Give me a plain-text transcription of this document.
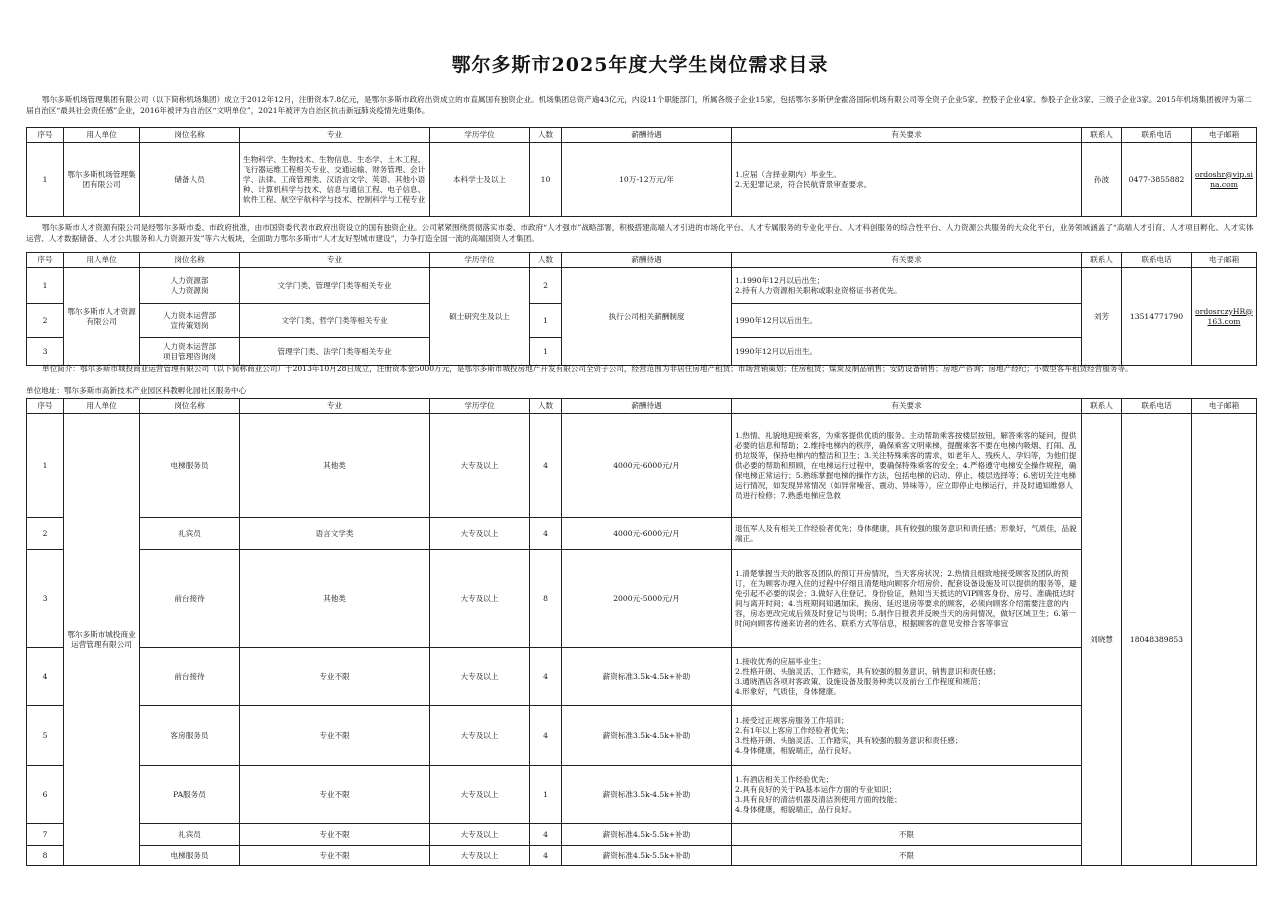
鄂尔多斯市2025年度大学生岗位需求目录
鄂尔多斯机场管理集团有限公司（以下简称机场集团）成立于2012年12月，注册资本7.8亿元，是鄂尔多斯市政府出资成立的市直属国有独资企业。机场集团总资产逾43亿元，内设11个职能部门，所属各级子企业15家，包括鄂尔多斯伊金霍洛国际机场有限公司等全资子企业5家、控股子企业4家、参股子企业3家、三级子企业3家。2015年机场集团被评为第二届自治区“最具社会责任感”企业，2016年被评为自治区“文明单位”，2021年被评为自治区抗击新冠肺炎疫情先进集体。
序号	用人单位	岗位名称	专业	学历学位	人数	薪酬待遇	有关要求	联系人	联系电话	电子邮箱
1	鄂尔多斯机场管理集团有限公司	储备人员	生物科学、生物技术、生物信息、生态学、土木工程、飞行器运维工程相关专业、交通运输、财务管理、会计学、法律、工商管理类、汉语言文学、英语、其他小语种、计算机科学与技术、信息与通信工程、电子信息、软件工程、航空宇航科学与技术、控制科学与工程专业	本科学士及以上	10	10万-12万元/年	1.应届（含择业期内）毕业生。
2.无犯罪记录，符合民航背景审查要求。	孙波	0477-3855882	ordoshr@vip.sina.com
鄂尔多斯市人才资源有限公司是经鄂尔多斯市委、市政府批准，由市国资委代表市政府出资设立的国有独资企业。公司紧紧围绕贯彻落实市委、市政府“人才强市”战略部署，积极搭建高端人才引进的市场化平台、人才专属服务的专业化平台、人才科创服务的综合性平台、人力资源公共服务的大众化平台，业务领域涵盖了“高端人才引育、人才项目孵化、人才实体运营、人才数据储备、人才公共服务和人力资源开发”等六大板块，全面助力鄂尔多斯市“人才友好型城市建设”，力争打造全国一流的高端国资人才集团。
序号	用人单位	岗位名称	专业	学历学位	人数	薪酬待遇	有关要求	联系人	联系电话	电子邮箱
1	鄂尔多斯市人才资源有限公司	人力资源部
人力资源岗	文学门类、管理学门类等相关专业	硕士研究生及以上	2	执行公司相关薪酬制度	1.1990年12月以后出生；
2.持有人力资源相关职称或职业资格证书者优先。	刘芳	13514771790	ordosrczyHR@163.com
2		人力资本运营部
宣传策划岗	文学门类、哲学门类等相关专业		1		1990年12月以后出生。			
3		人力资本运营部
项目管理咨询岗	管理学门类、法学门类等相关专业		1		1990年12月以后出生。			
单位简介：鄂尔多斯市城投商业运营管理有限公司（以下简称商业公司）于2013年10月28日成立，注册资本金5000万元，是鄂尔多斯市城投房地产开发有限公司全资子公司，经营范围为非居住房地产租赁；市场营销策划；住房租赁；煤炭及制品销售；安防设备销售；房地产咨询；房地产经纪；小微型客车租赁经营服务等。
单位地址：鄂尔多斯市高新技术产业园区科教孵化园社区服务中心
序号	用人单位	岗位名称	专业	学历学位	人数	薪酬待遇	有关要求	联系人	联系电话	电子邮箱
1	鄂尔多斯市城投商业运营管理有限公司	电梯服务员	其他类	大专及以上	4	4000元-6000元/月	1.热情、礼貌地迎接乘客，为乘客提供优质的服务。主动帮助乘客按楼层按钮，解答乘客的疑问，提供必要的信息和帮助；2.维持电梯内的秩序，确保乘客文明乘梯，提醒乘客不要在电梯内吸烟、打闹、乱扔垃圾等，保持电梯内的整洁和卫生；3.关注特殊乘客的需求，如老年人、残疾人、孕妇等，为他们提供必要的帮助和照顾，在电梯运行过程中，要确保特殊乘客的安全；4.严格遵守电梯安全操作规程，确保电梯正常运行；5.熟练掌握电梯的操作方法，包括电梯的启动、停止、楼层选择等；6.密切关注电梯运行情况，如发现异常情况（如异常噪音、震动、异味等），应立即停止电梯运行，并及时通知维修人员进行检修；7.熟悉电梯应急救	刘晓慧	18048389853	
2		礼宾员	语言文学类	大专及以上	4	4000元-6000元/月	退伍军人及有相关工作经验者优先；身体健康，具有较强的服务意识和责任感；形象好，气质佳，品貌端正。			
3		前台接待	其他类	大专及以上	8	2000元-5000元/月	1.清楚掌握当天的散客及团队的预订开房情况，当天客房状况；2.热情且细致地接受顾客及团队的预订，在为顾客办理入住的过程中仔细且清楚地向顾客介绍房价、配套设备设施及可以提供的服务等，避免引起不必要的误会；3.做好入住登记、身份验证，熟知当天抵达的VIP顾客身份、房号、准确抵达时间与离开时间；4.当班期间知遇加床、换房、延迟退房等要求的顾客，必须向顾客介绍需要注意的内容，房态更改完成后须及时登记与说明；5.制作日报表并反映当天的房间情况，做好区域卫生；6.第一时间向顾客传递来访者的姓名、联系方式等信息，根据顾客的意见安排合客等事宜			
4		前台接待	专业不限	大专及以上	4	薪资标准3.5k-4.5k+补助	1.接收优秀的应届毕业生；
2.性格开朗、头脑灵活、工作踏实，具有较强的服务意识、销售意识和责任感；
3.通晓酒店各项对客政策、设施设备及服务种类以及前台工作程度和规范；
4.形象好，气质佳，身体健康。			
5		客房服务员	专业不限	大专及以上	4	薪资标准3.5k-4.5k+补助	1.接受过正规客房服务工作培训；
2.有1年以上客房工作经验者优先；
3.性格开朗、头脑灵活、工作踏实，具有较强的服务意识和责任感；
4.身体健康，相貌端正，品行良好。			
6		PA服务员	专业不限	大专及以上	1	薪资标准3.5k-4.5k+补助	1.有酒店相关工作经验优先；
2.具有良好的关于PA基本运作方面的专业知识；
3.具有良好的清洁机器及清洁剂使用方面的技能；
4.身体健康，相貌端正，品行良好。			
7		礼宾员	专业不限	大专及以上	4	薪资标准4.5k-5.5k+补助	不限			
8		电梯服务员	专业不限	大专及以上	4	薪资标准4.5k-5.5k+补助	不限			
